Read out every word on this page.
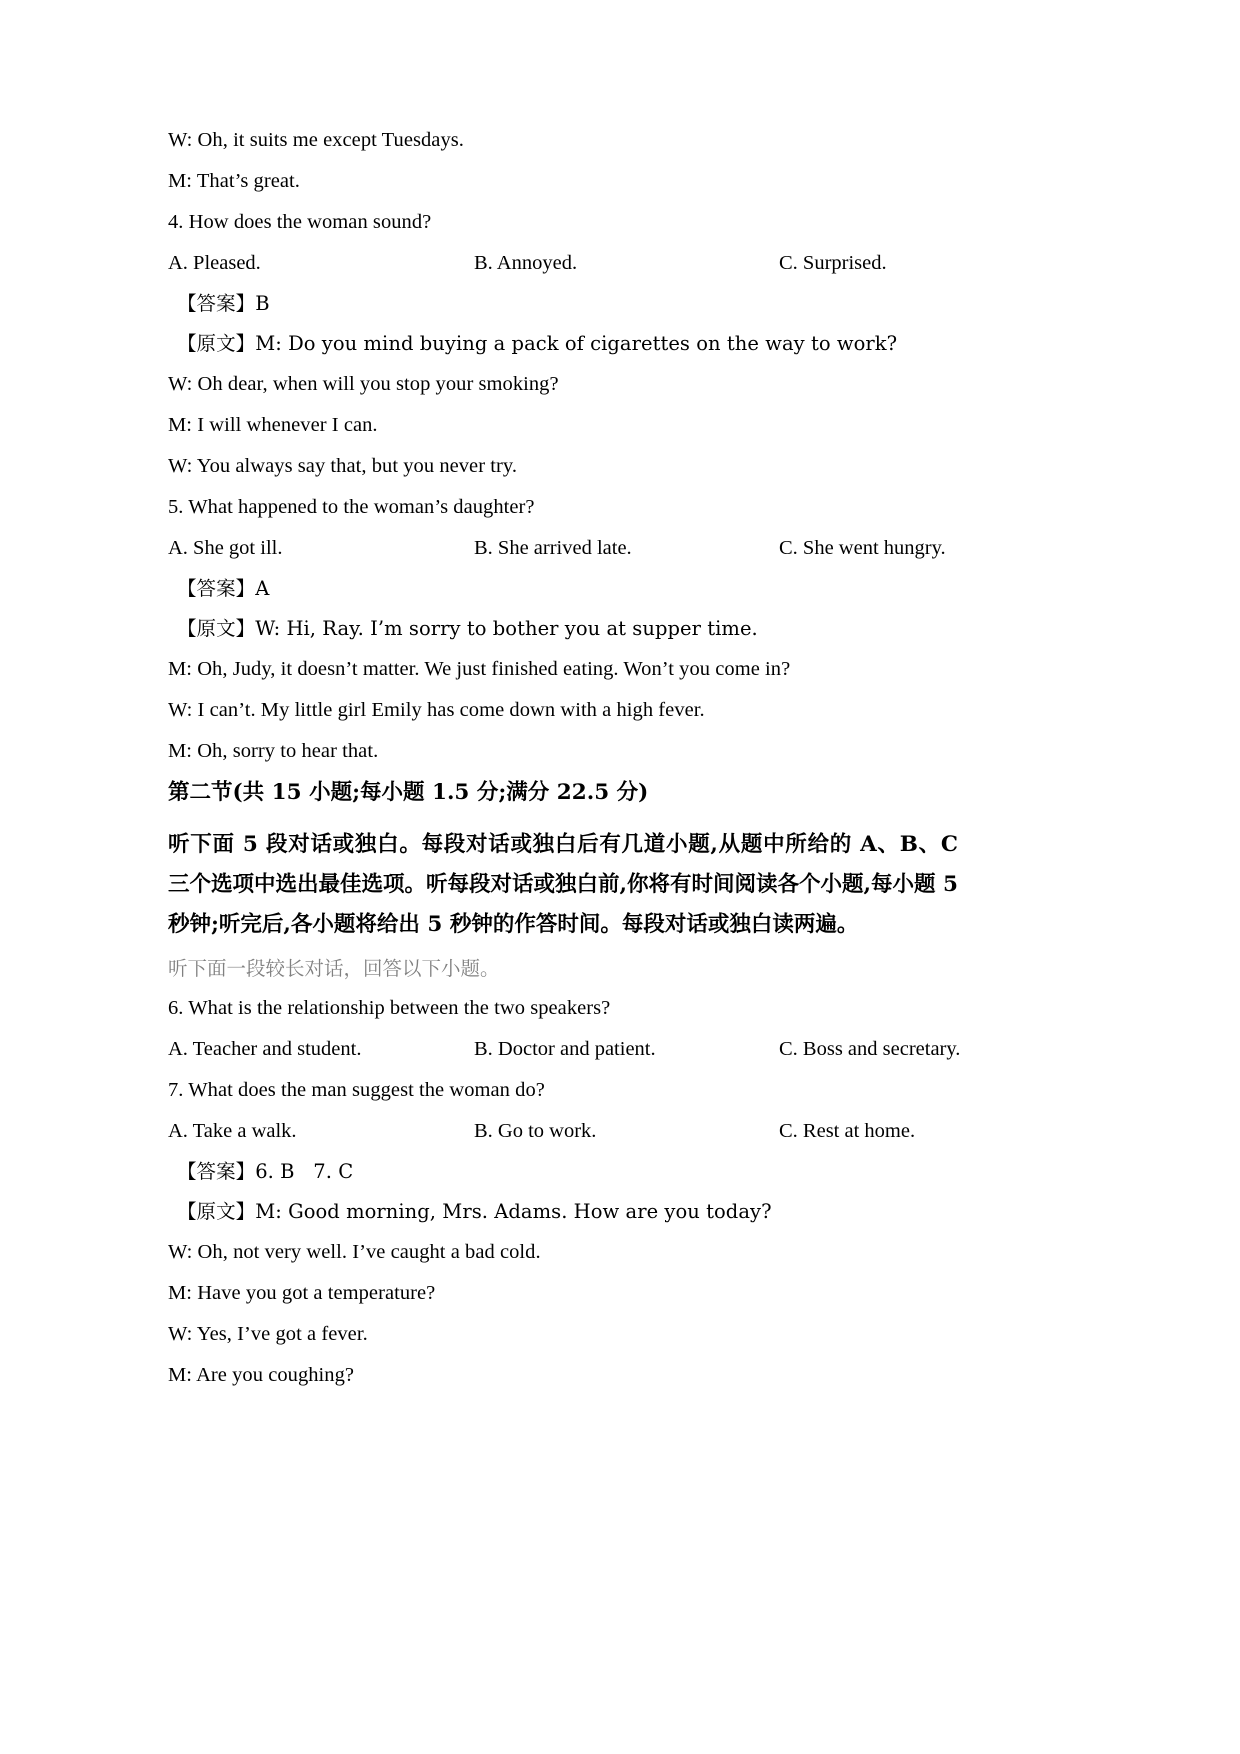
W: Oh, it suits me except Tuesdays.

M: That’s great.

4. How does the woman sound?

A. Pleased.	B. Annoyed.	C. Surprised.

【答案】B

【原文】M: Do you mind buying a pack of cigarettes on the way to work?

W: Oh dear, when will you stop your smoking?

M: I will whenever I can.

W: You always say that, but you never try.

5. What happened to the woman’s daughter?

A. She got ill.	B. She arrived late.	C. She went hungry.

【答案】A

【原文】W: Hi, Ray. I’m sorry to bother you at supper time.

M: Oh, Judy, it doesn’t matter. We just finished eating. Won’t you come in?

W: I can’t. My little girl Emily has come down with a high fever.

M: Oh, sorry to hear that.

第二节(共 15 小题;每小题 1.5 分;满分 22.5 分)

听下面 5 段对话或独白。每段对话或独白后有几道小题,从题中所给的 A、B、C 三个选项中选出最佳选项。听每段对话或独白前,你将有时间阅读各个小题,每小题 5 秒钟;听完后,各小题将给出 5 秒钟的作答时间。每段对话或独白读两遍。

听下面一段较长对话，回答以下小题。

6. What is the relationship between the two speakers?

A. Teacher and student.	B. Doctor and patient.	C. Boss and secretary.

7. What does the man suggest the woman do?

A. Take a walk.	B. Go to work.	C. Rest at home.

【答案】6. B   7. C

【原文】M: Good morning, Mrs. Adams. How are you today?

W: Oh, not very well. I’ve caught a bad cold.

M: Have you got a temperature?

W: Yes, I’ve got a fever.

M: Are you coughing?
